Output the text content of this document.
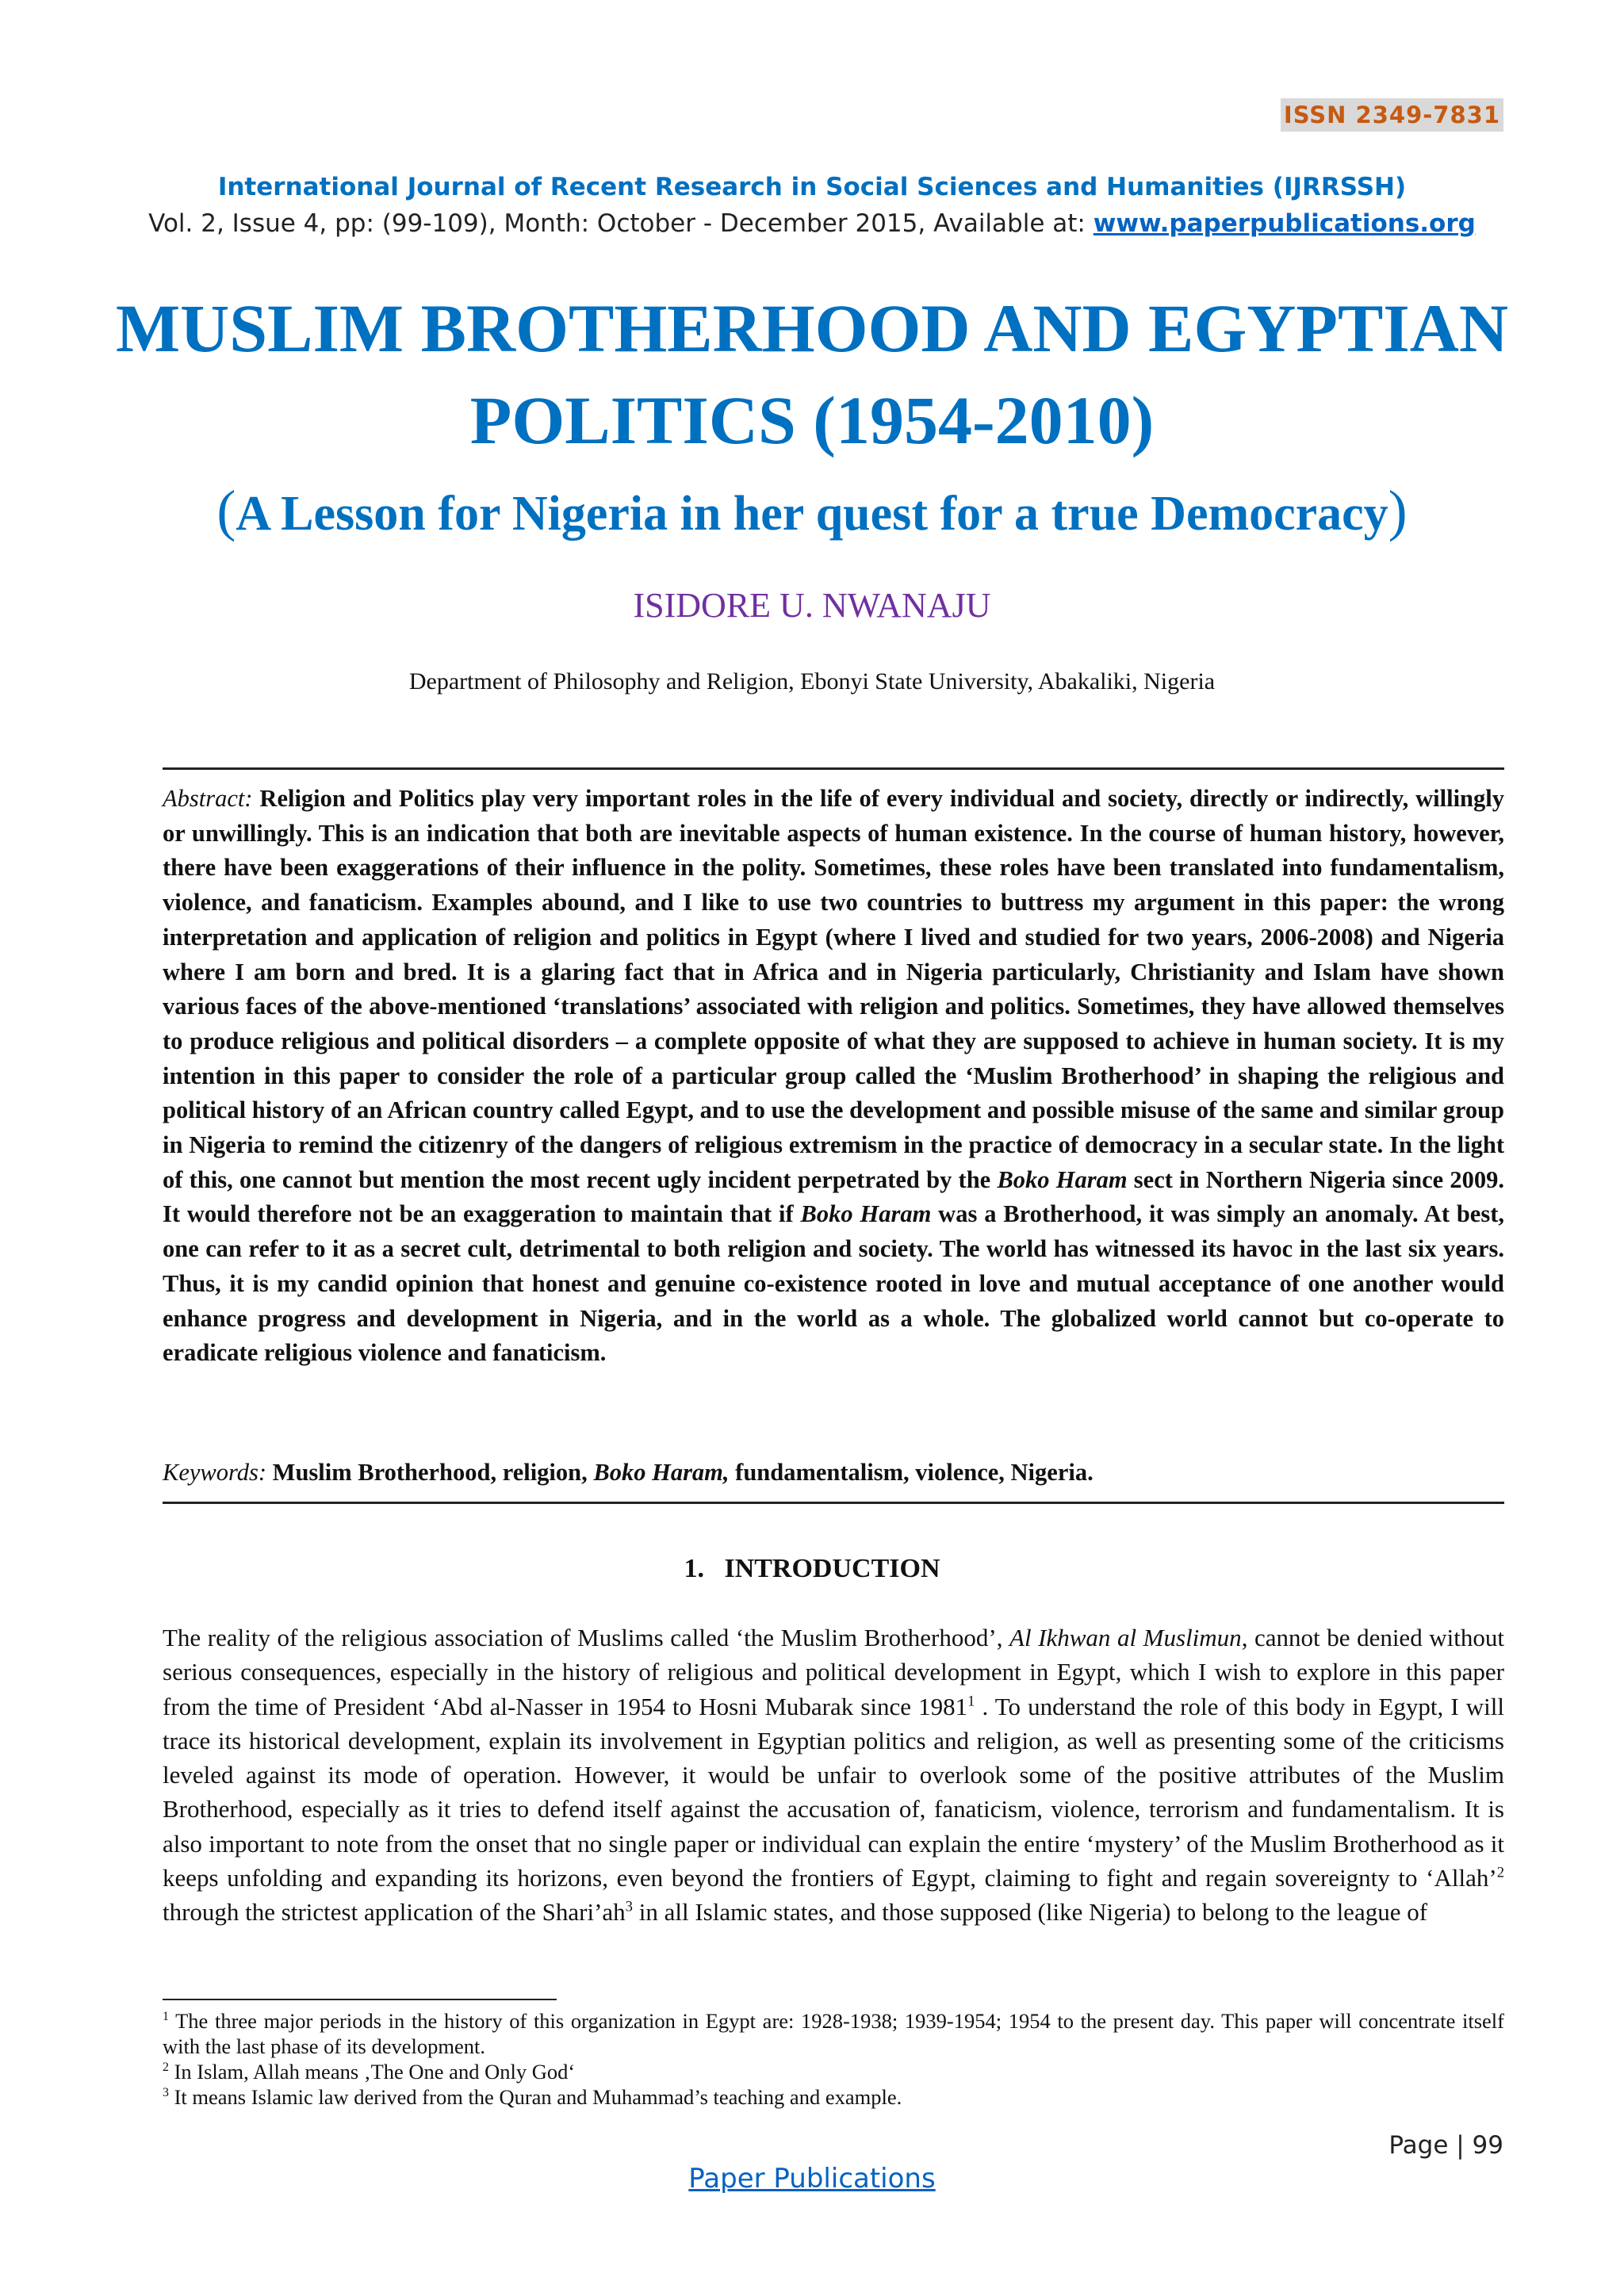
ISSN 2349-7831
International Journal of Recent Research in Social Sciences and Humanities (IJRRSSH)
Vol. 2, Issue 4, pp: (99-109), Month: October - December 2015, Available at: www.paperpublications.org
MUSLIM BROTHERHOOD AND EGYPTIAN
POLITICS (1954-2010)
(A Lesson for Nigeria in her quest for a true Democracy)
ISIDORE U. NWANAJU
Department of Philosophy and Religion, Ebonyi State University, Abakaliki, Nigeria
Abstract: Religion and Politics play very important roles in the life of every individual and society, directly or indirectly, willingly or unwillingly. This is an indication that both are inevitable aspects of human existence. In the course of human history, however, there have been exaggerations of their influence in the polity. Sometimes, these roles have been translated into fundamentalism, violence, and fanaticism. Examples abound, and I like to use two countries to buttress my argument in this paper: the wrong interpretation and application of religion and politics in Egypt (where I lived and studied for two years, 2006-2008) and Nigeria where I am born and bred. It is a glaring fact that in Africa and in Nigeria particularly, Christianity and Islam have shown various faces of the above-mentioned ‘translations’ associated with religion and politics. Sometimes, they have allowed themselves to produce religious and political disorders – a complete opposite of what they are supposed to achieve in human society. It is my intention in this paper to consider the role of a particular group called the ‘Muslim Brotherhood’ in shaping the religious and political history of an African country called Egypt, and to use the development and possible misuse of the same and similar group in Nigeria to remind the citizenry of the dangers of religious extremism in the practice of democracy in a secular state. In the light of this, one cannot but mention the most recent ugly incident perpetrated by the Boko Haram sect in Northern Nigeria since 2009. It would therefore not be an exaggeration to maintain that if Boko Haram was a Brotherhood, it was simply an anomaly. At best, one can refer to it as a secret cult, detrimental to both religion and society. The world has witnessed its havoc in the last six years. Thus, it is my candid opinion that honest and genuine co-existence rooted in love and mutual acceptance of one another would enhance progress and development in Nigeria, and in the world as a whole. The globalized world cannot but co-operate to eradicate religious violence and fanaticism.
Keywords: Muslim Brotherhood, religion, Boko Haram, fundamentalism, violence, Nigeria.
1.   INTRODUCTION
The reality of the religious association of Muslims called ‘the Muslim Brotherhood’, Al Ikhwan al Muslimun, cannot be denied without serious consequences, especially in the history of religious and political development in Egypt, which I wish to explore in this paper from the time of President ‘Abd al-Nasser in 1954 to Hosni Mubarak since 1981$^1$ . To understand the role of this body in Egypt, I will trace its historical development, explain its involvement in Egyptian politics and religion, as well as presenting some of the criticisms leveled against its mode of operation. However, it would be unfair to overlook some of the positive attributes of the Muslim Brotherhood, especially as it tries to defend itself against the accusation of, fanaticism, violence, terrorism and fundamentalism. It is also important to note from the onset that no single paper or individual can explain the entire ‘mystery’ of the Muslim Brotherhood as it keeps unfolding and expanding its horizons, even beyond the frontiers of Egypt, claiming to fight and regain sovereignty to ‘Allah’$^2$ through the strictest application of the $Shari’ah^3$ in all Islamic states, and those supposed (like Nigeria) to belong to the league of

$^1$ The three major periods in the history of this organization in Egypt are: 1928-1938; 1939-1954; 1954 to the present day. This paper will concentrate itself with the last phase of its development.

$^2$ In Islam, Allah means ‚The One and Only God‘

$^3$ It means Islamic law derived from the Quran and Muhammad’s teaching and example.

Page | 99
Paper Publications
